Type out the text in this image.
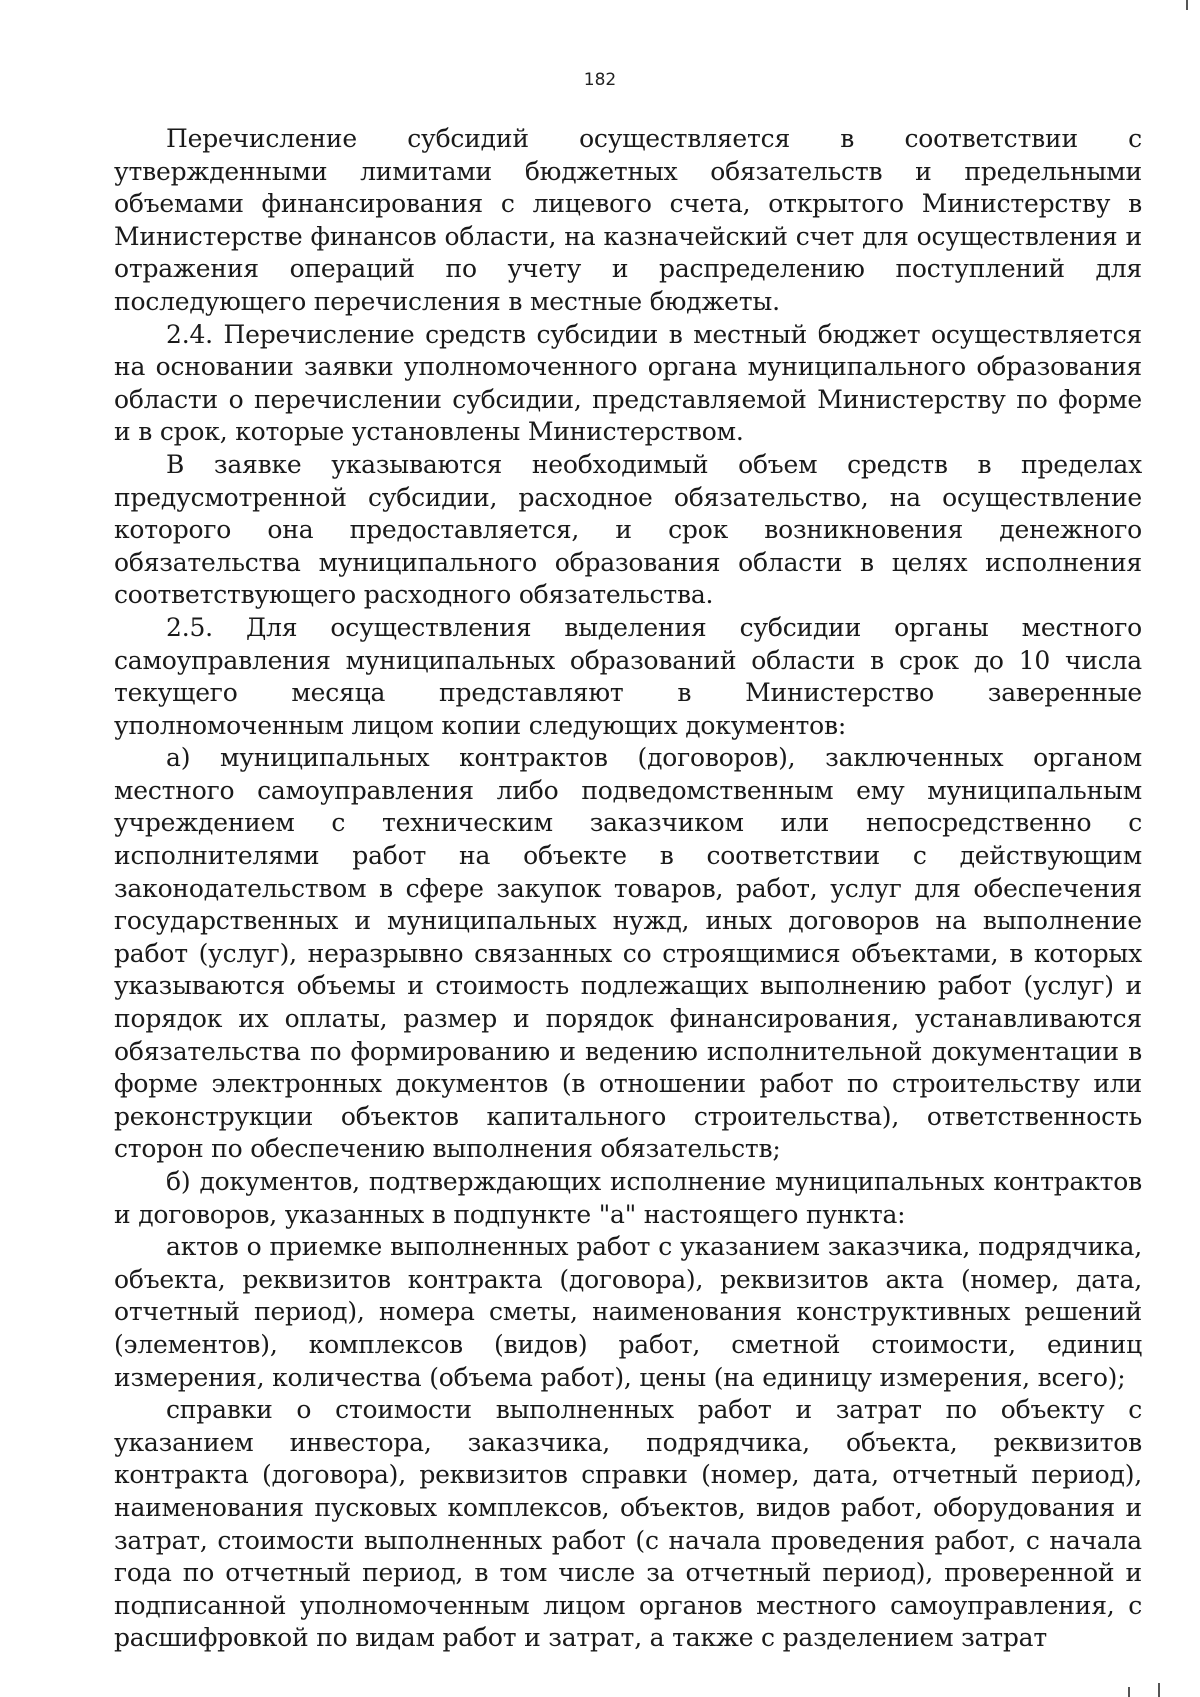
182

Перечисление субсидий осуществляется в соответствии с утвержденными лимитами бюджетных обязательств и предельными объемами финансирования с лицевого счета, открытого Министерству в Министерстве финансов области, на казначейский счет для осуществления и отражения операций по учету и распределению поступлений для последующего перечисления в местные бюджеты.

2.4. Перечисление средств субсидии в местный бюджет осуществляется на основании заявки уполномоченного органа муниципального образования области о перечислении субсидии, представляемой Министерству по форме и в срок, которые установлены Министерством.

В заявке указываются необходимый объем средств в пределах предусмотренной субсидии, расходное обязательство, на осуществление которого она предоставляется, и срок возникновения денежного обязательства муниципального образования области в целях исполнения соответствующего расходного обязательства.

2.5. Для осуществления выделения субсидии органы местного самоуправления муниципальных образований области в срок до 10 числа текущего месяца представляют в Министерство заверенные уполномоченным лицом копии следующих документов:

а) муниципальных контрактов (договоров), заключенных органом местного самоуправления либо подведомственным ему муниципальным учреждением с техническим заказчиком или непосредственно с исполнителями работ на объекте в соответствии с действующим законодательством в сфере закупок товаров, работ, услуг для обеспечения государственных и муниципальных нужд, иных договоров на выполнение работ (услуг), неразрывно связанных со строящимися объектами, в которых указываются объемы и стоимость подлежащих выполнению работ (услуг) и порядок их оплаты, размер и порядок финансирования, устанавливаются обязательства по формированию и ведению исполнительной документации в форме электронных документов (в отношении работ по строительству или реконструкции объектов капитального строительства), ответственность сторон по обеспечению выполнения обязательств;

б) документов, подтверждающих исполнение муниципальных контрактов и договоров, указанных в подпункте "а" настоящего пункта:

актов о приемке выполненных работ с указанием заказчика, подрядчика, объекта, реквизитов контракта (договора), реквизитов акта (номер, дата, отчетный период), номера сметы, наименования конструктивных решений (элементов), комплексов (видов) работ, сметной стоимости, единиц измерения, количества (объема работ), цены (на единицу измерения, всего);

справки о стоимости выполненных работ и затрат по объекту с указанием инвестора, заказчика, подрядчика, объекта, реквизитов контракта (договора), реквизитов справки (номер, дата, отчетный период), наименования пусковых комплексов, объектов, видов работ, оборудования и затрат, стоимости выполненных работ (с начала проведения работ, с начала года по отчетный период, в том числе за отчетный период), проверенной и подписанной уполномоченным лицом органов местного самоуправления, с расшифровкой по видам работ и затрат, а также с разделением затрат
